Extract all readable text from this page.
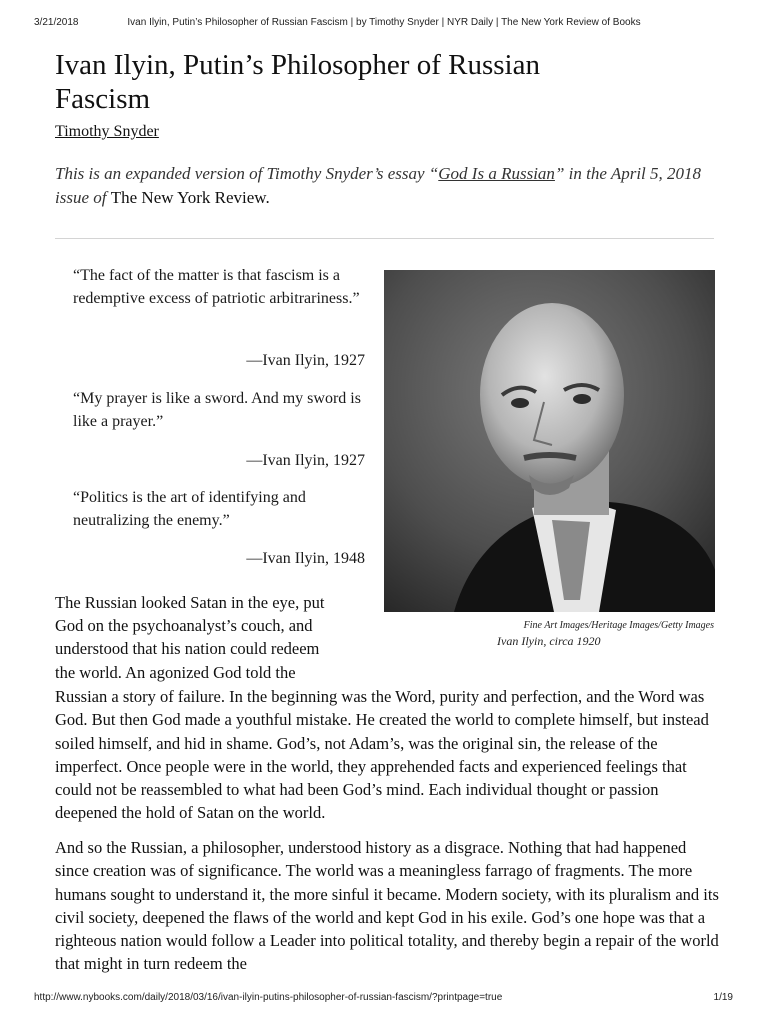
3/21/2018	Ivan Ilyin, Putin’s Philosopher of Russian Fascism | by Timothy Snyder | NYR Daily | The New York Review of Books
Ivan Ilyin, Putin’s Philosopher of Russian Fascism
Timothy Snyder

This is an expanded version of Timothy Snyder’s essay “God Is a Russian” in the April 5, 2018 issue of The New York Review.

“The fact of the matter is that fascism is a redemptive excess of patriotic arbitrariness.”

—Ivan Ilyin, 1927

“My prayer is like a sword. And my sword is like a prayer.”

—Ivan Ilyin, 1927

“Politics is the art of identifying and neutralizing the enemy.”

—Ivan Ilyin, 1948

Fine Art Images/Heritage Images/Getty Images
Ivan Ilyin, circa 1920
The Russian looked Satan in the eye, put
God on the psychoanalyst’s couch, and
understood that his nation could redeem
the world. An agonized God told the

Russian a story of failure. In the beginning was the Word, purity and perfection, and the Word was God. But then God made a youthful mistake. He created the world to complete himself, but instead soiled himself, and hid in shame. God’s, not Adam’s, was the original sin, the release of the imperfect. Once people were in the world, they apprehended facts and experienced feelings that could not be reassembled to what had been God’s mind. Each individual thought or passion deepened the hold of Satan on the world.

And so the Russian, a philosopher, understood history as a disgrace. Nothing that had happened since creation was of significance. The world was a meaningless farrago of fragments. The more humans sought to understand it, the more sinful it became. Modern society, with its pluralism and its civil society, deepened the flaws of the world and kept God in his exile. God’s one hope was that a righteous nation would follow a Leader into political totality, and thereby begin a repair of the world that might in turn redeem the

http://www.nybooks.com/daily/2018/03/16/ivan-ilyin-putins-philosopher-of-russian-fascism/?printpage=true	1/19
